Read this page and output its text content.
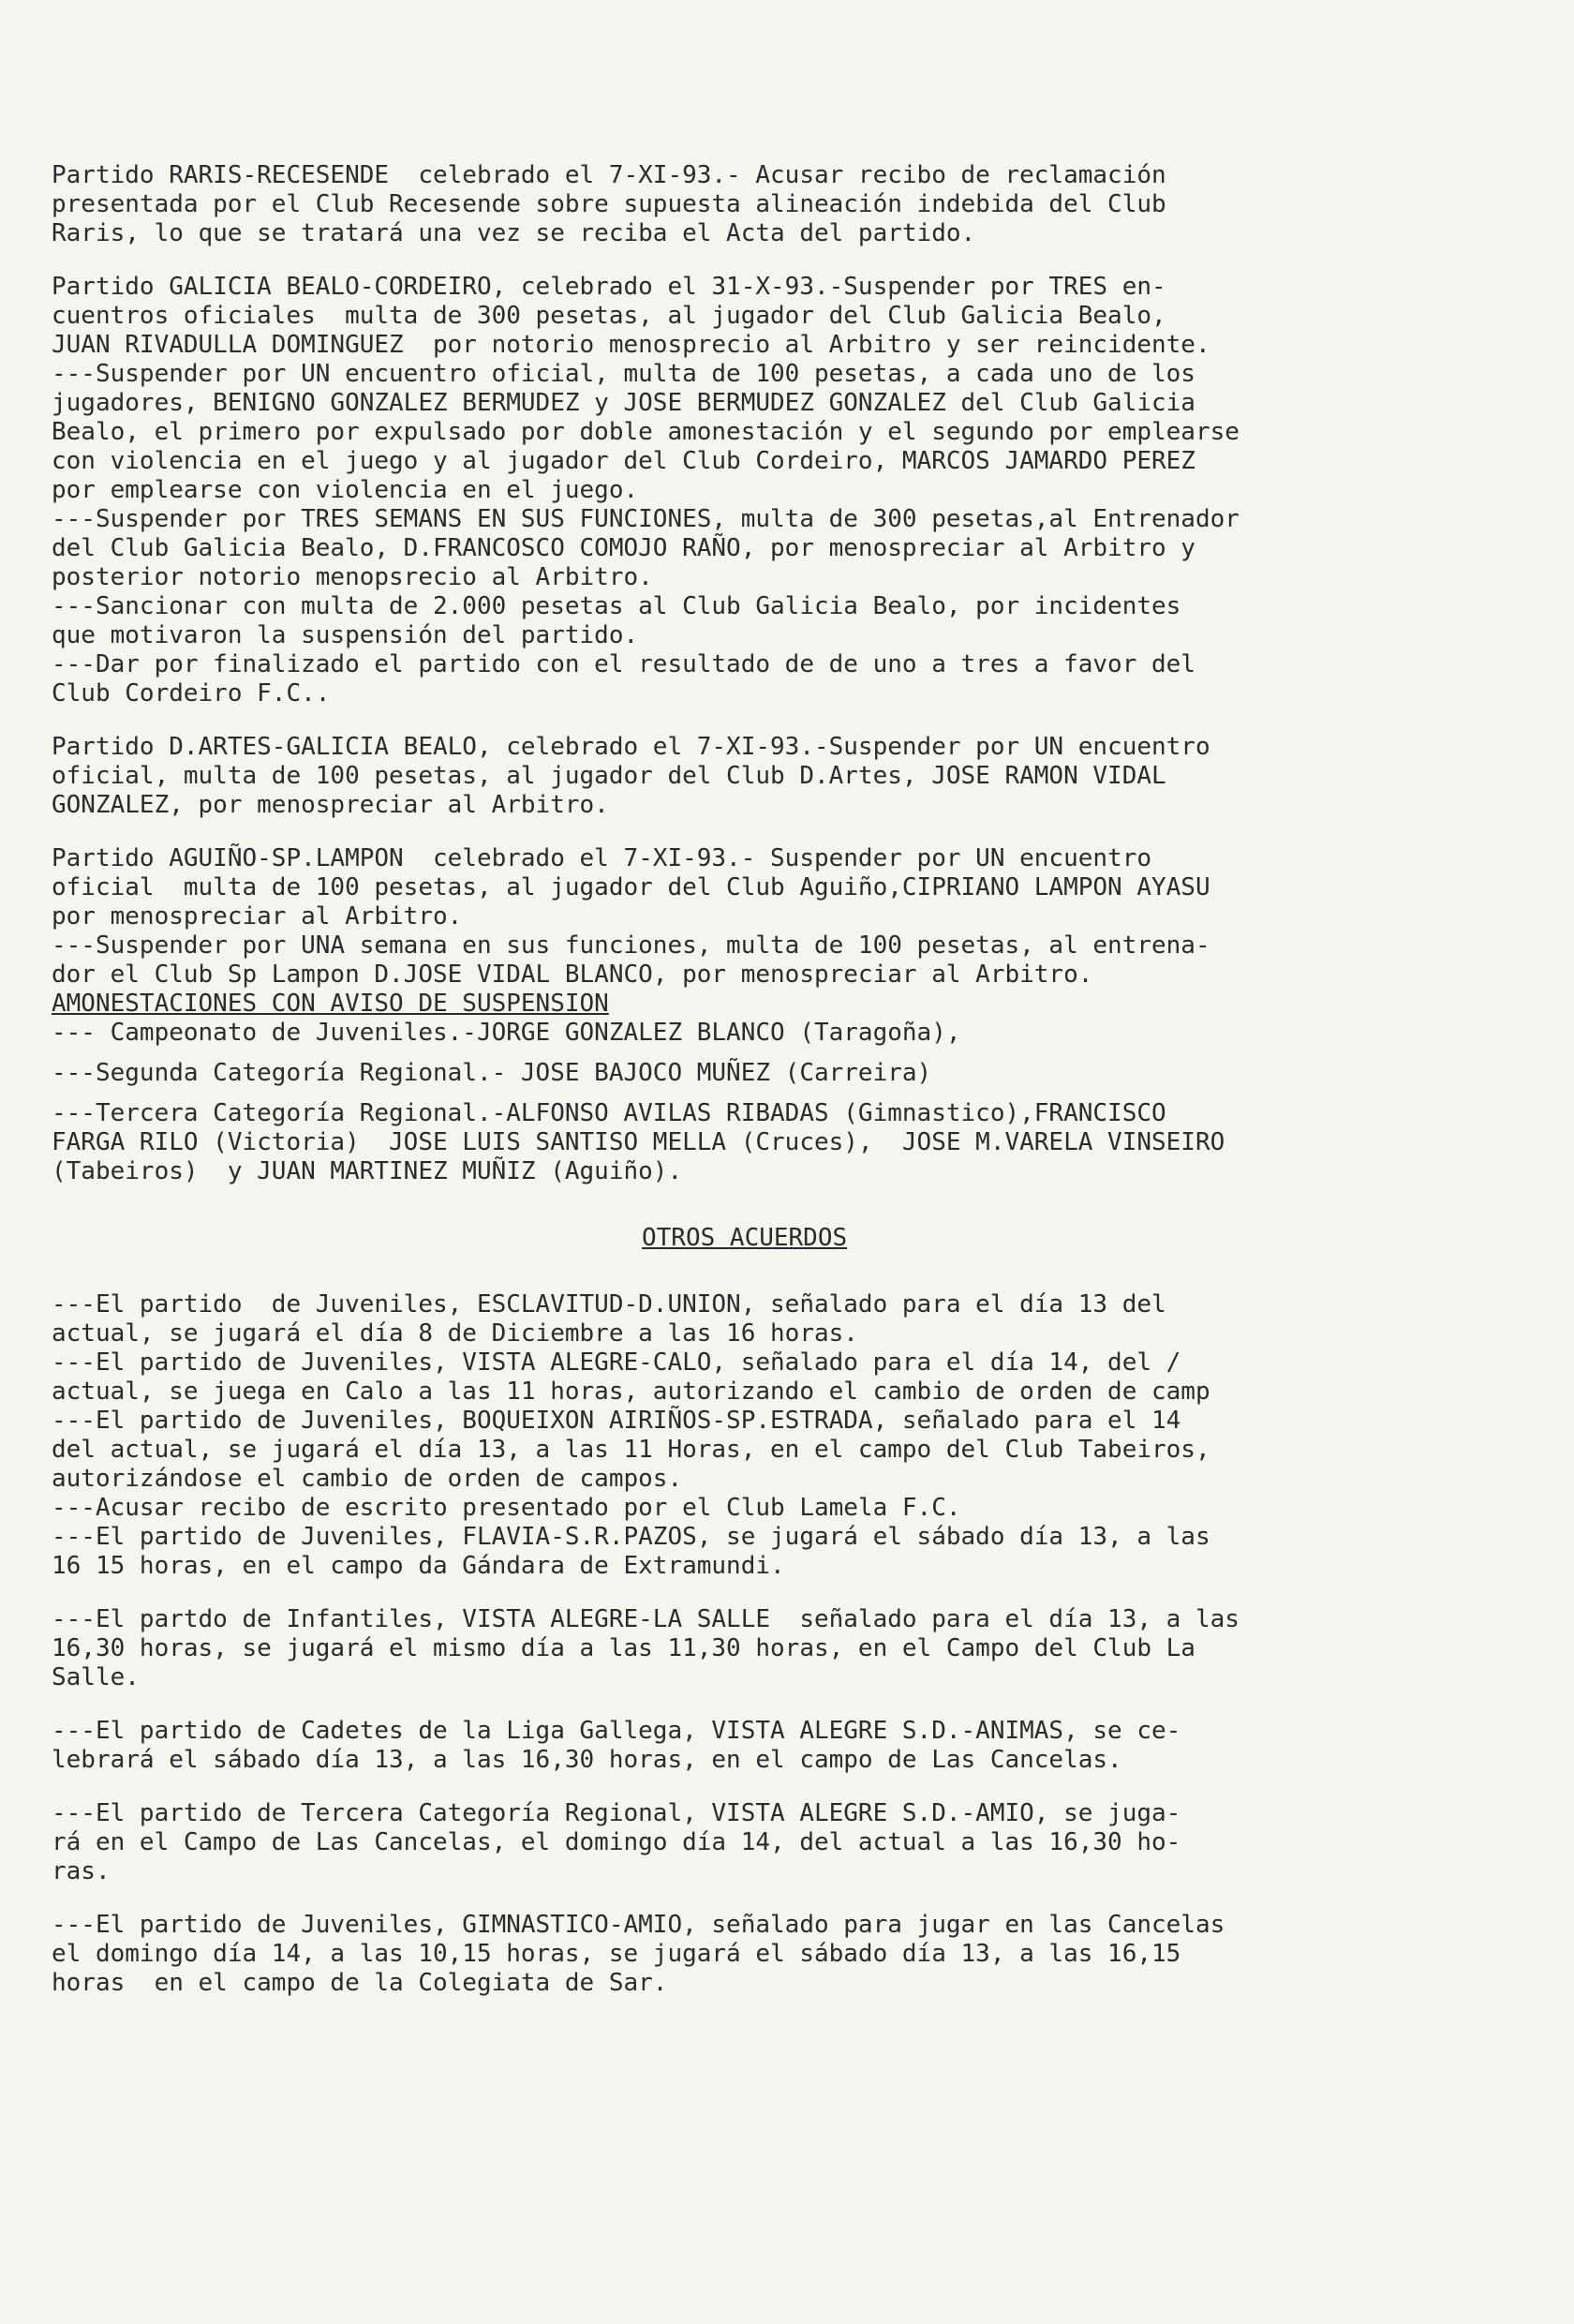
Partido RARIS-RECESENDE  celebrado el 7-XI-93.- Acusar recibo de reclamación
presentada por el Club Recesende sobre supuesta alineación indebida del Club
Raris, lo que se tratará una vez se reciba el Acta del partido.
Partido GALICIA BEALO-CORDEIRO, celebrado el 31-X-93.-Suspender por TRES en-
cuentros oficiales  multa de 300 pesetas, al jugador del Club Galicia Bealo,
JUAN RIVADULLA DOMINGUEZ  por notorio menosprecio al Arbitro y ser reincidente.
---Suspender por UN encuentro oficial, multa de 100 pesetas, a cada uno de los
jugadores, BENIGNO GONZALEZ BERMUDEZ y JOSE BERMUDEZ GONZALEZ del Club Galicia
Bealo, el primero por expulsado por doble amonestación y el segundo por emplearse
con violencia en el juego y al jugador del Club Cordeiro, MARCOS JAMARDO PEREZ
por emplearse con violencia en el juego.
---Suspender por TRES SEMANS EN SUS FUNCIONES, multa de 300 pesetas,al Entrenador
del Club Galicia Bealo, D.FRANCOSCO COMOJO RAÑO, por menospreciar al Arbitro y
posterior notorio menopsrecio al Arbitro.
---Sancionar con multa de 2.000 pesetas al Club Galicia Bealo, por incidentes
que motivaron la suspensión del partido.
---Dar por finalizado el partido con el resultado de de uno a tres a favor del
Club Cordeiro F.C..
Partido D.ARTES-GALICIA BEALO, celebrado el 7-XI-93.-Suspender por UN encuentro
oficial, multa de 100 pesetas, al jugador del Club D.Artes, JOSE RAMON VIDAL
GONZALEZ, por menospreciar al Arbitro.
Partido AGUIÑO-SP.LAMPON  celebrado el 7-XI-93.- Suspender por UN encuentro
oficial  multa de 100 pesetas, al jugador del Club Aguiño,CIPRIANO LAMPON AYASU
por menospreciar al Arbitro.
---Suspender por UNA semana en sus funciones, multa de 100 pesetas, al entrena-
dor el Club Sp Lampon D.JOSE VIDAL BLANCO, por menospreciar al Arbitro.
AMONESTACIONES CON AVISO DE SUSPENSION
--- Campeonato de Juveniles.-JORGE GONZALEZ BLANCO (Taragoña),
---Segunda Categoría Regional.- JOSE BAJOCO MUÑEZ (Carreira)
---Tercera Categoría Regional.-ALFONSO AVILAS RIBADAS (Gimnastico),FRANCISCO
FARGA RILO (Victoria)  JOSE LUIS SANTISO MELLA (Cruces),  JOSE M.VARELA VINSEIRO
(Tabeiros)  y JUAN MARTINEZ MUÑIZ (Aguiño).
OTROS ACUERDOS
---El partido  de Juveniles, ESCLAVITUD-D.UNION, señalado para el día 13 del
actual, se jugará el día 8 de Diciembre a las 16 horas.
---El partido de Juveniles, VISTA ALEGRE-CALO, señalado para el día 14, del /
actual, se juega en Calo a las 11 horas, autorizando el cambio de orden de camp
---El partido de Juveniles, BOQUEIXON AIRIÑOS-SP.ESTRADA, señalado para el 14
del actual, se jugará el día 13, a las 11 Horas, en el campo del Club Tabeiros,
autorizándose el cambio de orden de campos.
---Acusar recibo de escrito presentado por el Club Lamela F.C.
---El partido de Juveniles, FLAVIA-S.R.PAZOS, se jugará el sábado día 13, a las
16 15 horas, en el campo da Gándara de Extramundi.
---El partdo de Infantiles, VISTA ALEGRE-LA SALLE  señalado para el día 13, a las
16,30 horas, se jugará el mismo día a las 11,30 horas, en el Campo del Club La
Salle.
---El partido de Cadetes de la Liga Gallega, VISTA ALEGRE S.D.-ANIMAS, se ce-
lebrará el sábado día 13, a las 16,30 horas, en el campo de Las Cancelas.
---El partido de Tercera Categoría Regional, VISTA ALEGRE S.D.-AMIO, se juga-
rá en el Campo de Las Cancelas, el domingo día 14, del actual a las 16,30 ho-
ras.
---El partido de Juveniles, GIMNASTICO-AMIO, señalado para jugar en las Cancelas
el domingo día 14, a las 10,15 horas, se jugará el sábado día 13, a las 16,15
horas  en el campo de la Colegiata de Sar.
